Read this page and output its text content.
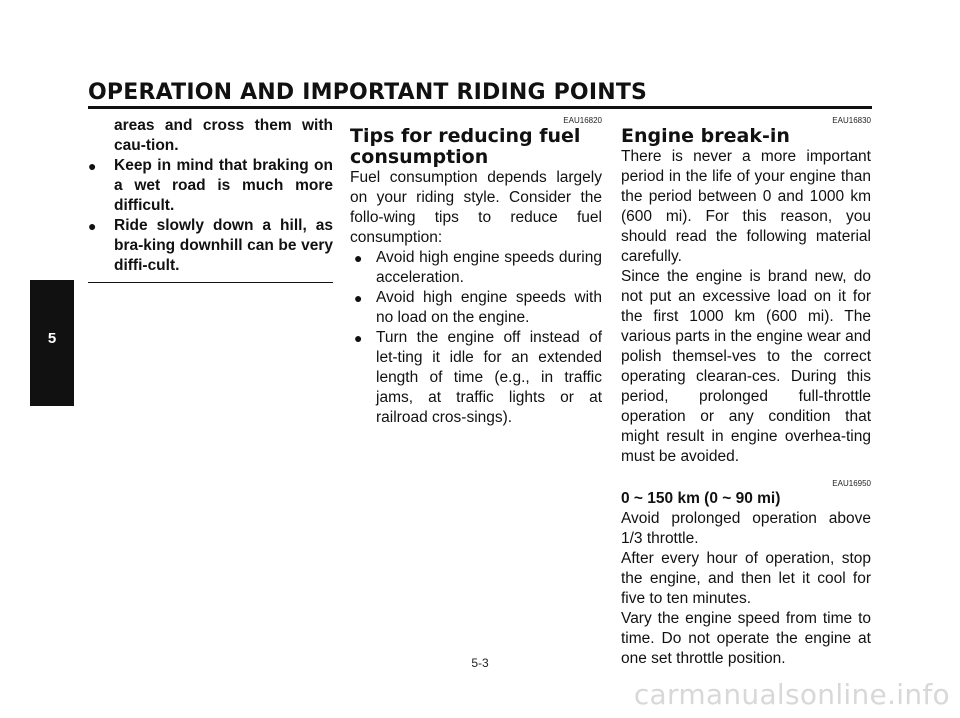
OPERATION AND IMPORTANT RIDING POINTS
5

areas and cross them with cau-tion.

● Keep in mind that braking on a wet road is much more difficult.
● Ride slowly down a hill, as bra-king downhill can be very diffi-cult.
EAU16820
Tips for reducing fuel consumption

Fuel consumption depends largely on your riding style. Consider the follo-wing tips to reduce fuel consumption:

● Avoid high engine speeds during acceleration.
● Avoid high engine speeds with no load on the engine.
● Turn the engine off instead of let-ting it idle for an extended length of time (e.g., in traffic jams, at traffic lights or at railroad cros-sings).
EAU16830
Engine break-in

There is never a more important period in the life of your engine than the period between 0 and 1000 km (600 mi). For this reason, you should read the following material carefully.

Since the engine is brand new, do not put an excessive load on it for the first 1000 km (600 mi). The various parts in the engine wear and polish themsel-ves to the correct operating clearan-ces. During this period, prolonged full-throttle operation or any condition that might result in engine overhea-ting must be avoided.

EAU16950

0 ~ 150 km (0 ~ 90 mi)

Avoid prolonged operation above 1/3 throttle.

After every hour of operation, stop the engine, and then let it cool for five to ten minutes.

Vary the engine speed from time to time. Do not operate the engine at one set throttle position.

5-3
carmanualsonline.info
